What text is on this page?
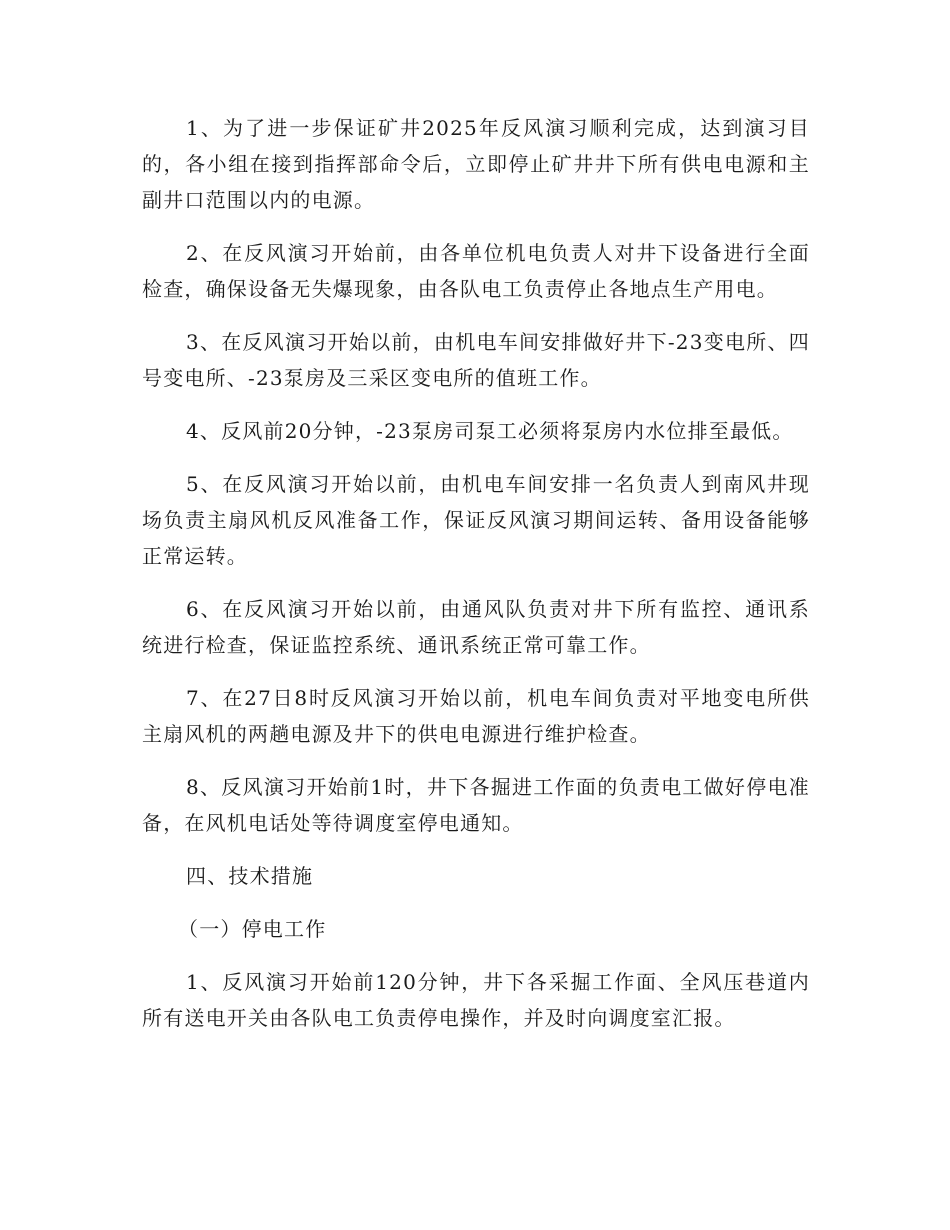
1、为了进一步保证矿井2025年反风演习顺利完成，达到演习目的，各小组在接到指挥部命令后，立即停止矿井井下所有供电电源和主副井口范围以内的电源。

2、在反风演习开始前，由各单位机电负责人对井下设备进行全面检查，确保设备无失爆现象，由各队电工负责停止各地点生产用电。

3、在反风演习开始以前，由机电车间安排做好井下-23变电所、四号变电所、-23泵房及三采区变电所的值班工作。

4、反风前20分钟，-23泵房司泵工必须将泵房内水位排至最低。

5、在反风演习开始以前，由机电车间安排一名负责人到南风井现场负责主扇风机反风准备工作，保证反风演习期间运转、备用设备能够正常运转。

6、在反风演习开始以前，由通风队负责对井下所有监控、通讯系统进行检查，保证监控系统、通讯系统正常可靠工作。

7、在27日8时反风演习开始以前，机电车间负责对平地变电所供主扇风机的两趟电源及井下的供电电源进行维护检查。

8、反风演习开始前1时，井下各掘进工作面的负责电工做好停电准备，在风机电话处等待调度室停电通知。

四、技术措施

（一）停电工作

1、反风演习开始前120分钟，井下各采掘工作面、全风压巷道内所有送电开关由各队电工负责停电操作，并及时向调度室汇报。
